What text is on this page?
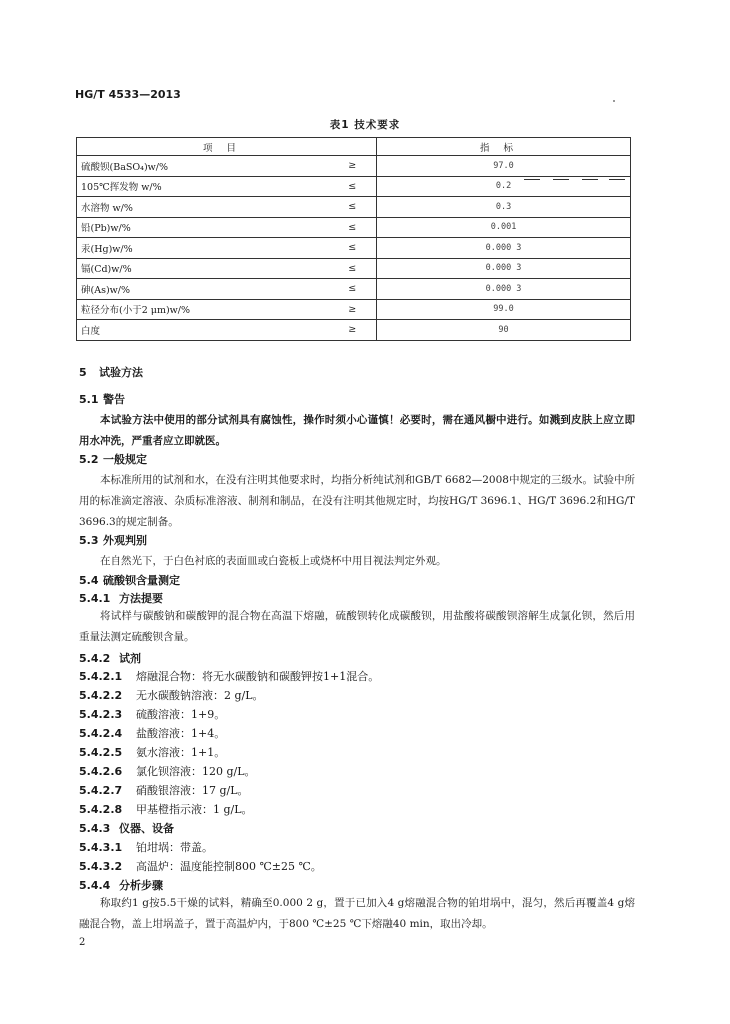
HG/T 4533—2013
表1 技术要求
项目		指标
硫酸钡(BaSO₄)w/%	≥	97.0
105℃挥发物 w/%	≤	0.2
水溶物 w/%	≤	0.3
铅(Pb)w/%	≤	0.001
汞(Hg)w/%	≤	0.000 3
镉(Cd)w/%	≤	0.000 3
砷(As)w/%	≤	0.000 3
粒径分布(小于2 μm)w/%	≥	99.0
白度	≥	90
5 试验方法
5.1 警告
本试验方法中使用的部分试剂具有腐蚀性，操作时须小心谨慎！必要时，需在通风橱中进行。如溅到皮肤上应立即用水冲洗，严重者应立即就医。
5.2 一般规定
本标准所用的试剂和水，在没有注明其他要求时，均指分析纯试剂和GB/T 6682—2008中规定的三级水。试验中所用的标准滴定溶液、杂质标准溶液、制剂和制品，在没有注明其他规定时，均按HG/T 3696.1、HG/T 3696.2和HG/T 3696.3的规定制备。
5.3 外观判别
在自然光下，于白色衬底的表面皿或白瓷板上或烧杯中用目视法判定外观。
5.4 硫酸钡含量测定
5.4.1 方法提要
将试样与碳酸钠和碳酸钾的混合物在高温下熔融，硫酸钡转化成碳酸钡，用盐酸将碳酸钡溶解生成氯化钡，然后用重量法测定硫酸钡含量。
5.4.2 试剂
5.4.2.1 熔融混合物：将无水碳酸钠和碳酸钾按1+1混合。
5.4.2.2 无水碳酸钠溶液：2 g/L。
5.4.2.3 硫酸溶液：1+9。
5.4.2.4 盐酸溶液：1+4。
5.4.2.5 氨水溶液：1+1。
5.4.2.6 氯化钡溶液：120 g/L。
5.4.2.7 硝酸银溶液：17 g/L。
5.4.2.8 甲基橙指示液：1 g/L。
5.4.3 仪器、设备
5.4.3.1 铂坩埚：带盖。
5.4.3.2 高温炉：温度能控制800 ℃±25 ℃。
5.4.4 分析步骤
称取约1 g按5.5干燥的试料，精确至0.000 2 g，置于已加入4 g熔融混合物的铂坩埚中，混匀，然后再覆盖4 g熔融混合物，盖上坩埚盖子，置于高温炉内，于800 ℃±25 ℃下熔融40 min，取出冷却。
2
